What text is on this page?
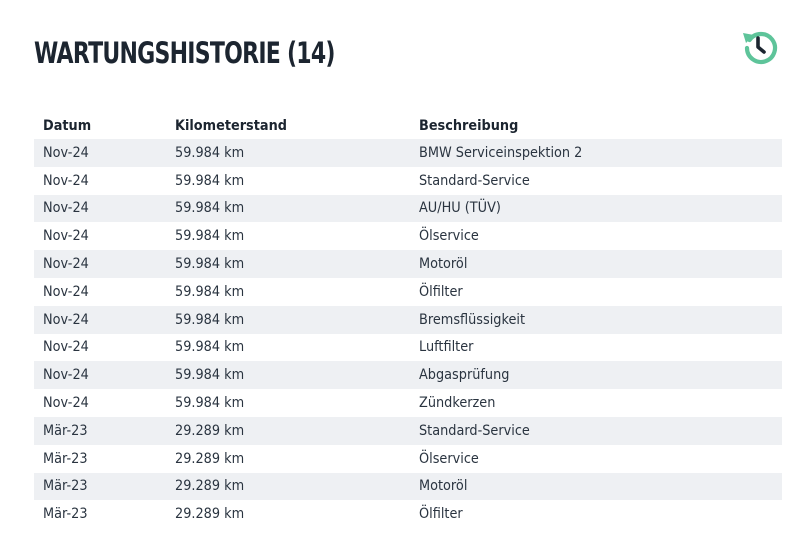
WARTUNGSHISTORIE (14)
Datum	Kilometerstand	Beschreibung
Nov-24	59.984 km	BMW Serviceinspektion 2
Nov-24	59.984 km	Standard-Service
Nov-24	59.984 km	AU/HU (TÜV)
Nov-24	59.984 km	Ölservice
Nov-24	59.984 km	Motoröl
Nov-24	59.984 km	Ölfilter
Nov-24	59.984 km	Bremsflüssigkeit
Nov-24	59.984 km	Luftfilter
Nov-24	59.984 km	Abgasprüfung
Nov-24	59.984 km	Zündkerzen
Mär-23	29.289 km	Standard-Service
Mär-23	29.289 km	Ölservice
Mär-23	29.289 km	Motoröl
Mär-23	29.289 km	Ölfilter
